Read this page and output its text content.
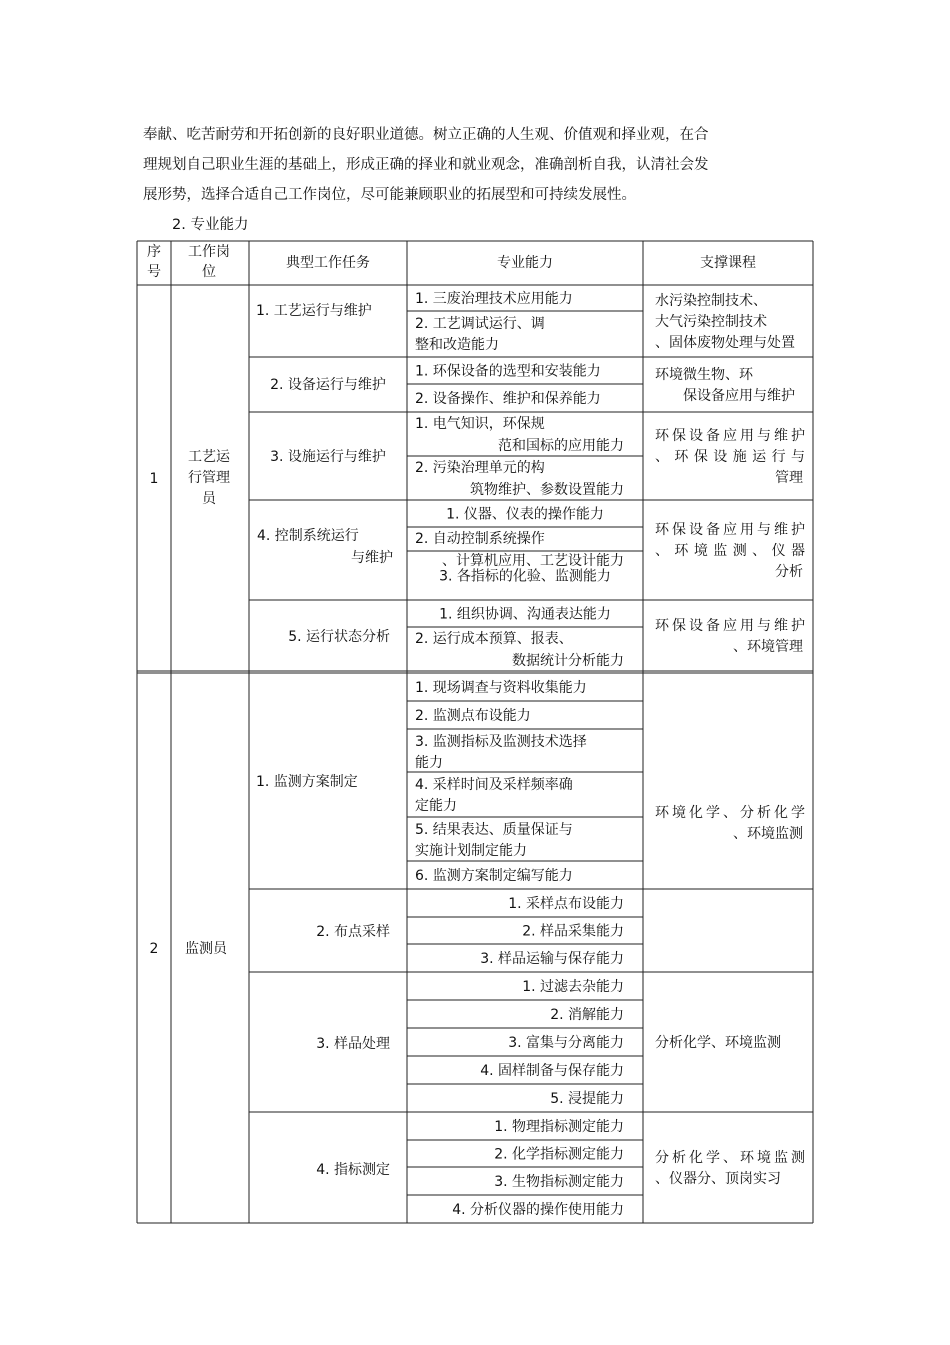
奉献、吃苦耐劳和开拓创新的良好职业道德。树立正确的人生观、价值观和择业观，在合

理规划自己职业生涯的基础上，形成正确的择业和就业观念，准确剖析自我，认清社会发

展形势，选择合适自己工作岗位，尽可能兼顾职业的拓展型和可持续发展性。

2. 专业能力
序
号
工作岗
位
典型工作任务	专业能力	支撑课程
1
工艺运
行管理
员
1. 工艺运行与维护
1. 三废治理技术应用能力
2. 工艺调试运行、调
整和改造能力
水污染控制技术、
大气污染控制技术
、固体废物处理与处置
2. 设备运行与维护
1. 环保设备的选型和安装能力
2. 设备操作、维护和保养能力
环境微生物、环
保设备应用与维护
3. 设施运行与维护
1. 电气知识，环保规
范和国标的应用能力
2. 污染治理单元的构
筑物维护、参数设置能力
环保设备应用与维护
、环保设施运行与
管理
4. 控制系统运行
与维护
1. 仪器、仪表的操作能力
2. 自动控制系统操作
、计算机应用、工艺设计能力
3. 各指标的化验、监测能力
环保设备应用与维护
、环境监测、仪器
分析
5. 运行状态分析
1. 组织协调、沟通表达能力
2. 运行成本预算、报表、
数据统计分析能力
环保设备应用与维护
、环境管理
2 监测员
1. 监测方案制定
1. 现场调查与资料收集能力
2. 监测点布设能力
3. 监测指标及监测技术选择
能力
4. 采样时间及采样频率确
定能力
5. 结果表达、质量保证与
实施计划制定能力
6. 监测方案制定编写能力
环境化学、分析化学
、环境监测
2. 布点采样
1. 采样点布设能力
2. 样品采集能力
3. 样品运输与保存能力
3. 样品处理
1. 过滤去杂能力
2. 消解能力
3. 富集与分离能力
4. 固样制备与保存能力
5. 浸提能力
分析化学、环境监测
4. 指标测定
1. 物理指标测定能力
2. 化学指标测定能力
3. 生物指标测定能力
4. 分析仪器的操作使用能力
分析化学、环境监测
、仪器分、顶岗实习
